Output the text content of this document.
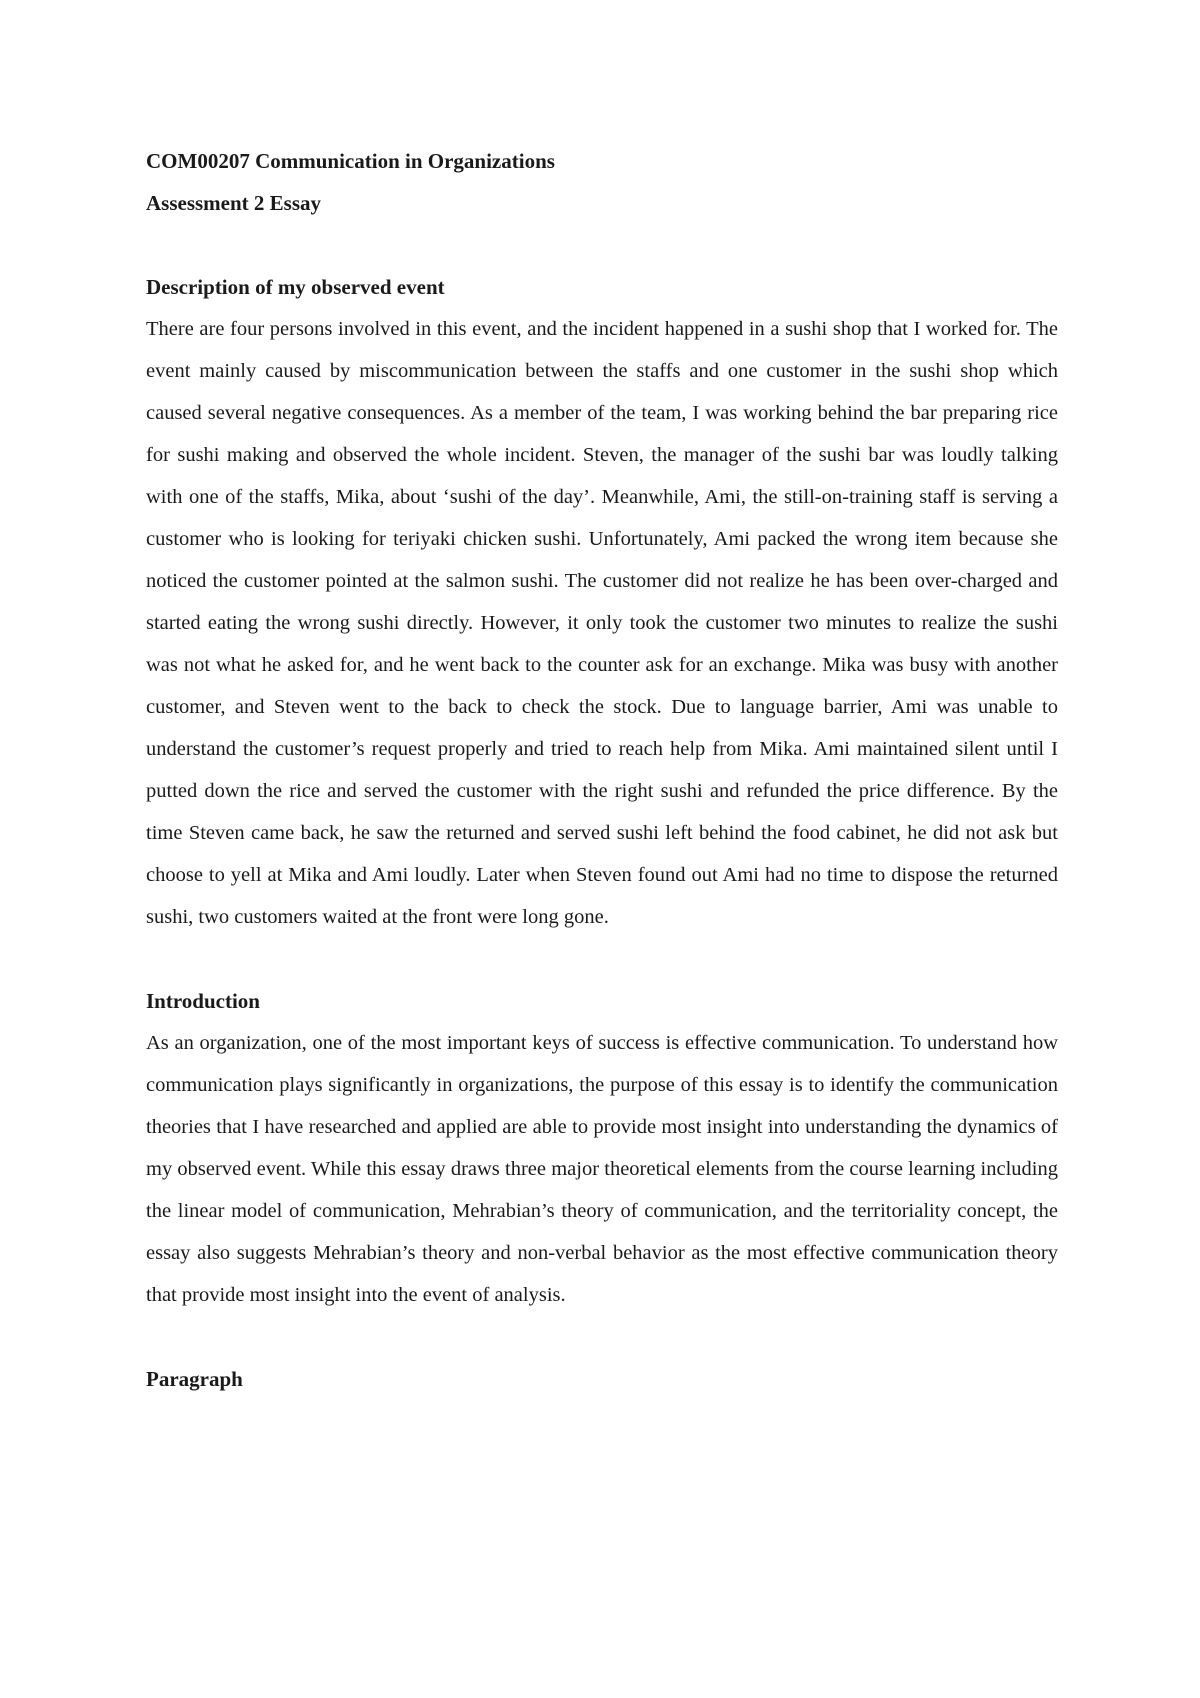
COM00207 Communication in Organizations

Assessment 2 Essay

Description of my observed event

There are four persons involved in this event, and the incident happened in a sushi shop that I worked for. The event mainly caused by miscommunication between the staffs and one customer in the sushi shop which caused several negative consequences. As a member of the team, I was working behind the bar preparing rice for sushi making and observed the whole incident. Steven, the manager of the sushi bar was loudly talking with one of the staffs, Mika, about ‘sushi of the day’. Meanwhile, Ami, the still-on-training staff is serving a customer who is looking for teriyaki chicken sushi. Unfortunately, Ami packed the wrong item because she noticed the customer pointed at the salmon sushi. The customer did not realize he has been over-charged and started eating the wrong sushi directly. However, it only took the customer two minutes to realize the sushi was not what he asked for, and he went back to the counter ask for an exchange. Mika was busy with another customer, and Steven went to the back to check the stock. Due to language barrier, Ami was unable to understand the customer’s request properly and tried to reach help from Mika. Ami maintained silent until I putted down the rice and served the customer with the right sushi and refunded the price difference. By the time Steven came back, he saw the returned and served sushi left behind the food cabinet, he did not ask but choose to yell at Mika and Ami loudly. Later when Steven found out Ami had no time to dispose the returned sushi, two customers waited at the front were long gone.

Introduction

As an organization, one of the most important keys of success is effective communication. To understand how communication plays significantly in organizations, the purpose of this essay is to identify the communication theories that I have researched and applied are able to provide most insight into understanding the dynamics of my observed event. While this essay draws three major theoretical elements from the course learning including the linear model of communication, Mehrabian’s theory of communication, and the territoriality concept, the essay also suggests Mehrabian’s theory and non-verbal behavior as the most effective communication theory that provide most insight into the event of analysis.

Paragraph
